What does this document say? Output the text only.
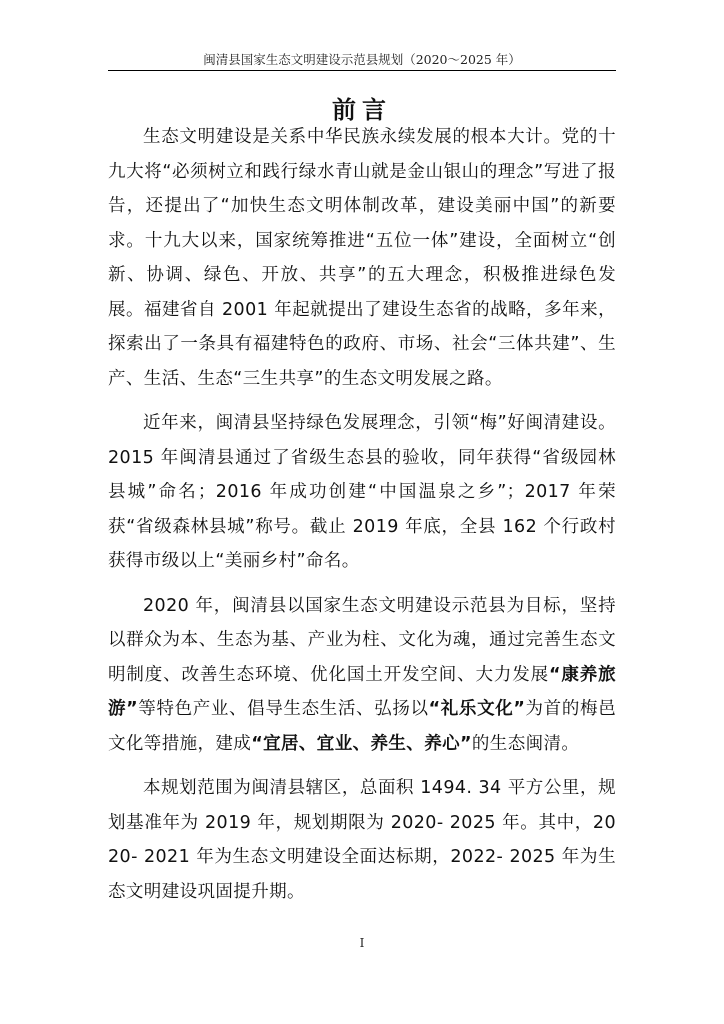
闽清县国家生态文明建设示范县规划（2020～2025 年）
前言

生态文明建设是关系中华民族永续发展的根本大计。党的十九大将“必须树立和践行绿水青山就是金山银山的理念”写进了报告，还提出了“加快生态文明体制改革，建设美丽中国”的新要求。十九大以来，国家统筹推进“五位一体”建设，全面树立“创新、协调、绿色、开放、共享”的五大理念，积极推进绿色发展。福建省自 2001 年起就提出了建设生态省的战略，多年来，探索出了一条具有福建特色的政府、市场、社会“三体共建”、生产、生活、生态“三生共享”的生态文明发展之路。

近年来，闽清县坚持绿色发展理念，引领“梅”好闽清建设。2015 年闽清县通过了省级生态县的验收，同年获得“省级园林县城”命名；2016 年成功创建“中国温泉之乡”；2017 年荣获“省级森林县城”称号。截止 2019 年底，全县 162 个行政村获得市级以上“美丽乡村”命名。

2020 年，闽清县以国家生态文明建设示范县为目标，坚持以群众为本、生态为基、产业为柱、文化为魂，通过完善生态文明制度、改善生态环境、优化国土开发空间、大力发展“康养旅游”等特色产业、倡导生态生活、弘扬以“礼乐文化”为首的梅邑文化等措施，建成“宜居、宜业、养生、养心”的生态闽清。

本规划范围为闽清县辖区，总面积 1494. 34 平方公里，规划基准年为 2019 年，规划期限为 2020- 2025 年。其中，2020- 2021 年为生态文明建设全面达标期，2022- 2025 年为生态文明建设巩固提升期。

I
